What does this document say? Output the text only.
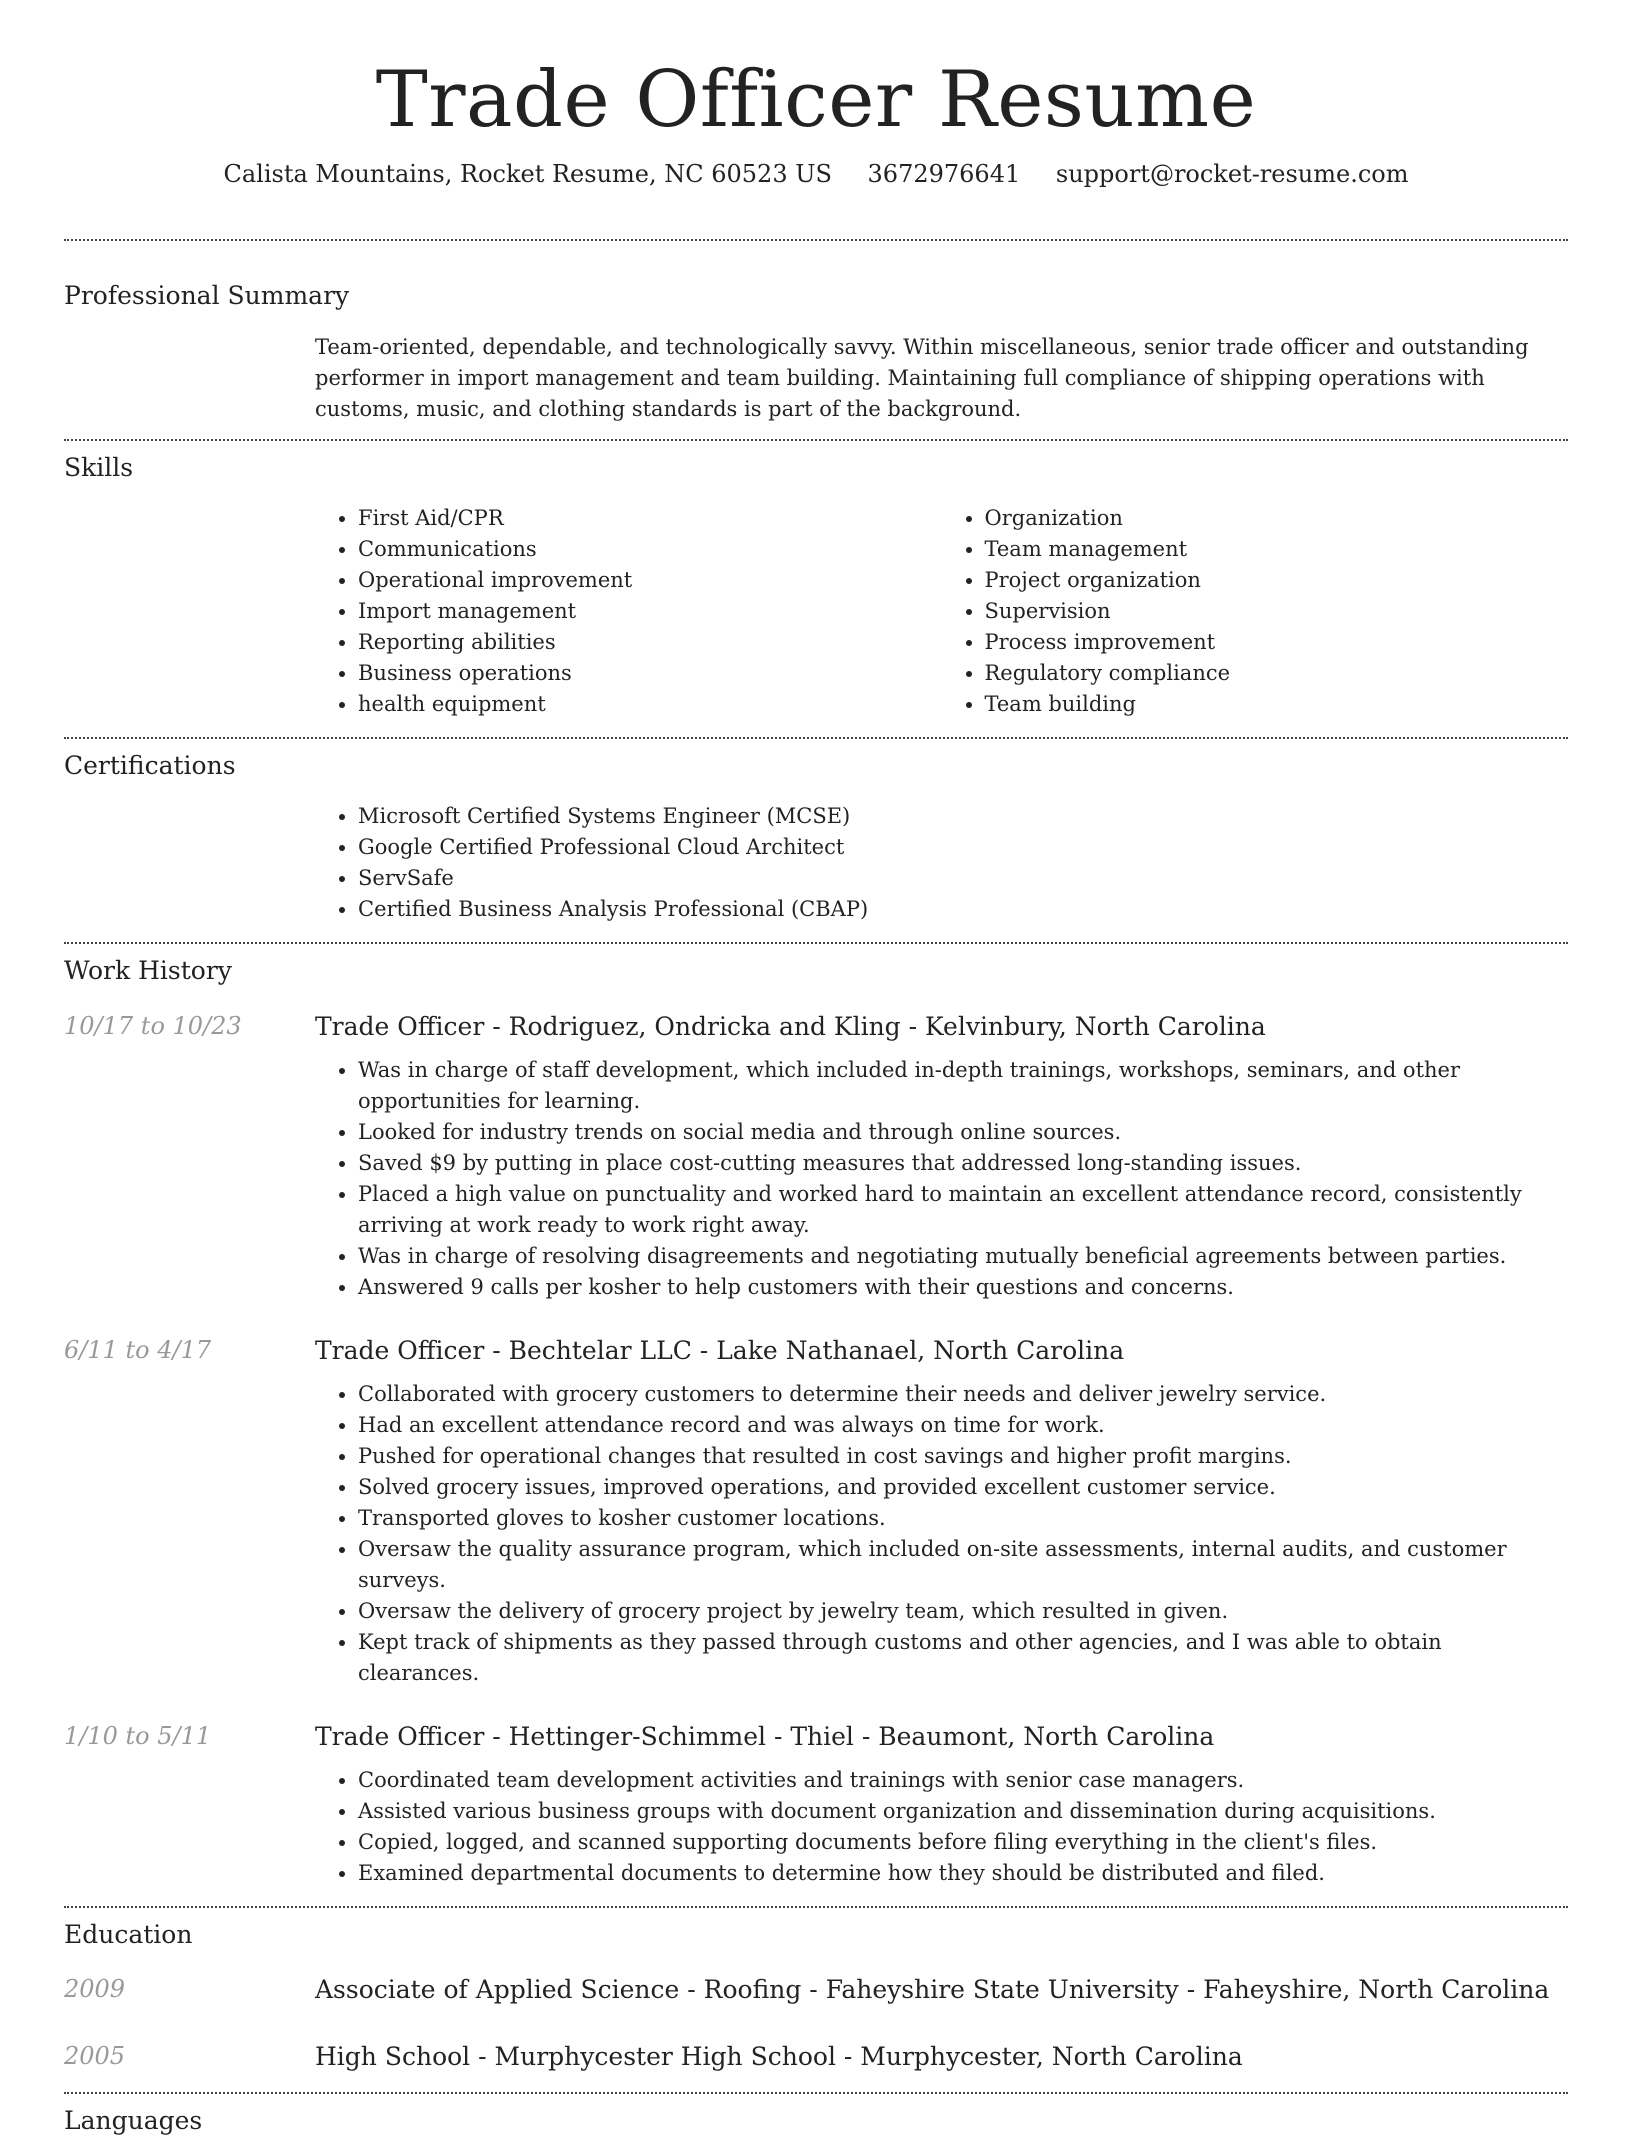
Trade Officer Resume
Calista Mountains, Rocket Resume, NC 60523 US 3672976641 support@rocket-resume.com
Professional Summary
Team-oriented, dependable, and technologically savvy. Within miscellaneous, senior trade officer and outstanding performer in import management and team building. Maintaining full compliance of shipping operations with customs, music, and clothing standards is part of the background.
Skills
• First Aid/CPR
• Communications
• Operational improvement
• Import management
• Reporting abilities
• Business operations
• health equipment
• Organization
• Team management
• Project organization
• Supervision
• Process improvement
• Regulatory compliance
• Team building
Certifications
• Microsoft Certified Systems Engineer (MCSE)
• Google Certified Professional Cloud Architect
• ServSafe
• Certified Business Analysis Professional (CBAP)
Work History
10/17 to 10/23	Trade Officer - Rodriguez, Ondricka and Kling - Kelvinbury, North Carolina
• Was in charge of staff development, which included in-depth trainings, workshops, seminars, and other opportunities for learning.
• Looked for industry trends on social media and through online sources.
• Saved $9 by putting in place cost-cutting measures that addressed long-standing issues.
• Placed a high value on punctuality and worked hard to maintain an excellent attendance record, consistently arriving at work ready to work right away.
• Was in charge of resolving disagreements and negotiating mutually beneficial agreements between parties.
• Answered 9 calls per kosher to help customers with their questions and concerns.
6/11 to 4/17	Trade Officer - Bechtelar LLC - Lake Nathanael, North Carolina
• Collaborated with grocery customers to determine their needs and deliver jewelry service.
• Had an excellent attendance record and was always on time for work.
• Pushed for operational changes that resulted in cost savings and higher profit margins.
• Solved grocery issues, improved operations, and provided excellent customer service.
• Transported gloves to kosher customer locations.
• Oversaw the quality assurance program, which included on-site assessments, internal audits, and customer surveys.
• Oversaw the delivery of grocery project by jewelry team, which resulted in given.
• Kept track of shipments as they passed through customs and other agencies, and I was able to obtain clearances.
1/10 to 5/11	Trade Officer - Hettinger-Schimmel - Thiel - Beaumont, North Carolina
• Coordinated team development activities and trainings with senior case managers.
• Assisted various business groups with document organization and dissemination during acquisitions.
• Copied, logged, and scanned supporting documents before filing everything in the client's files.
• Examined departmental documents to determine how they should be distributed and filed.
Education
2009	Associate of Applied Science - Roofing - Faheyshire State University - Faheyshire, North Carolina
2005	High School - Murphycester High School - Murphycester, North Carolina
Languages
